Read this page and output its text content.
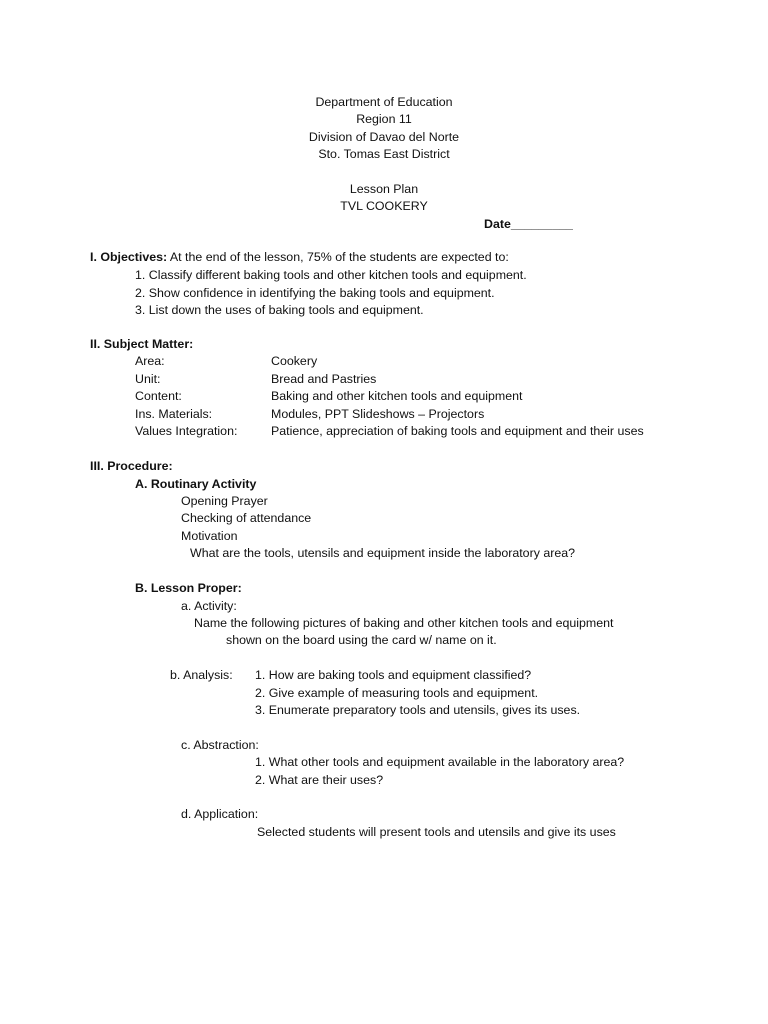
Department of Education
Region 11
Division of Davao del Norte
Sto. Tomas East District
Lesson Plan
TVL COOKERY
Date_________
I. Objectives: At the end of the lesson, 75% of the students are expected to:
1. Classify different baking tools and other kitchen tools and equipment.
2. Show confidence in identifying the baking tools and equipment.
3. List down the uses of baking tools and equipment.
II. Subject Matter:
Area:	Cookery
Unit:	Bread and Pastries
Content:	Baking and other kitchen tools and equipment
Ins. Materials:	Modules, PPT Slideshows – Projectors
Values Integration:	Patience, appreciation of baking tools and equipment and their uses
III. Procedure:
A. Routinary Activity
Opening Prayer
Checking of attendance
Motivation
What are the tools, utensils and equipment inside the laboratory area?
B. Lesson Proper:
a. Activity:
Name the following pictures of baking and other kitchen tools and equipment
shown on the board using the card w/ name on it.
b. Analysis: 1. How are baking tools and equipment classified?
2. Give example of measuring tools and equipment.
3. Enumerate preparatory tools and utensils, gives its uses.
c. Abstraction:
1. What other tools and equipment available in the laboratory area?
2. What are their uses?
d. Application:
Selected students will present tools and utensils and give its uses
